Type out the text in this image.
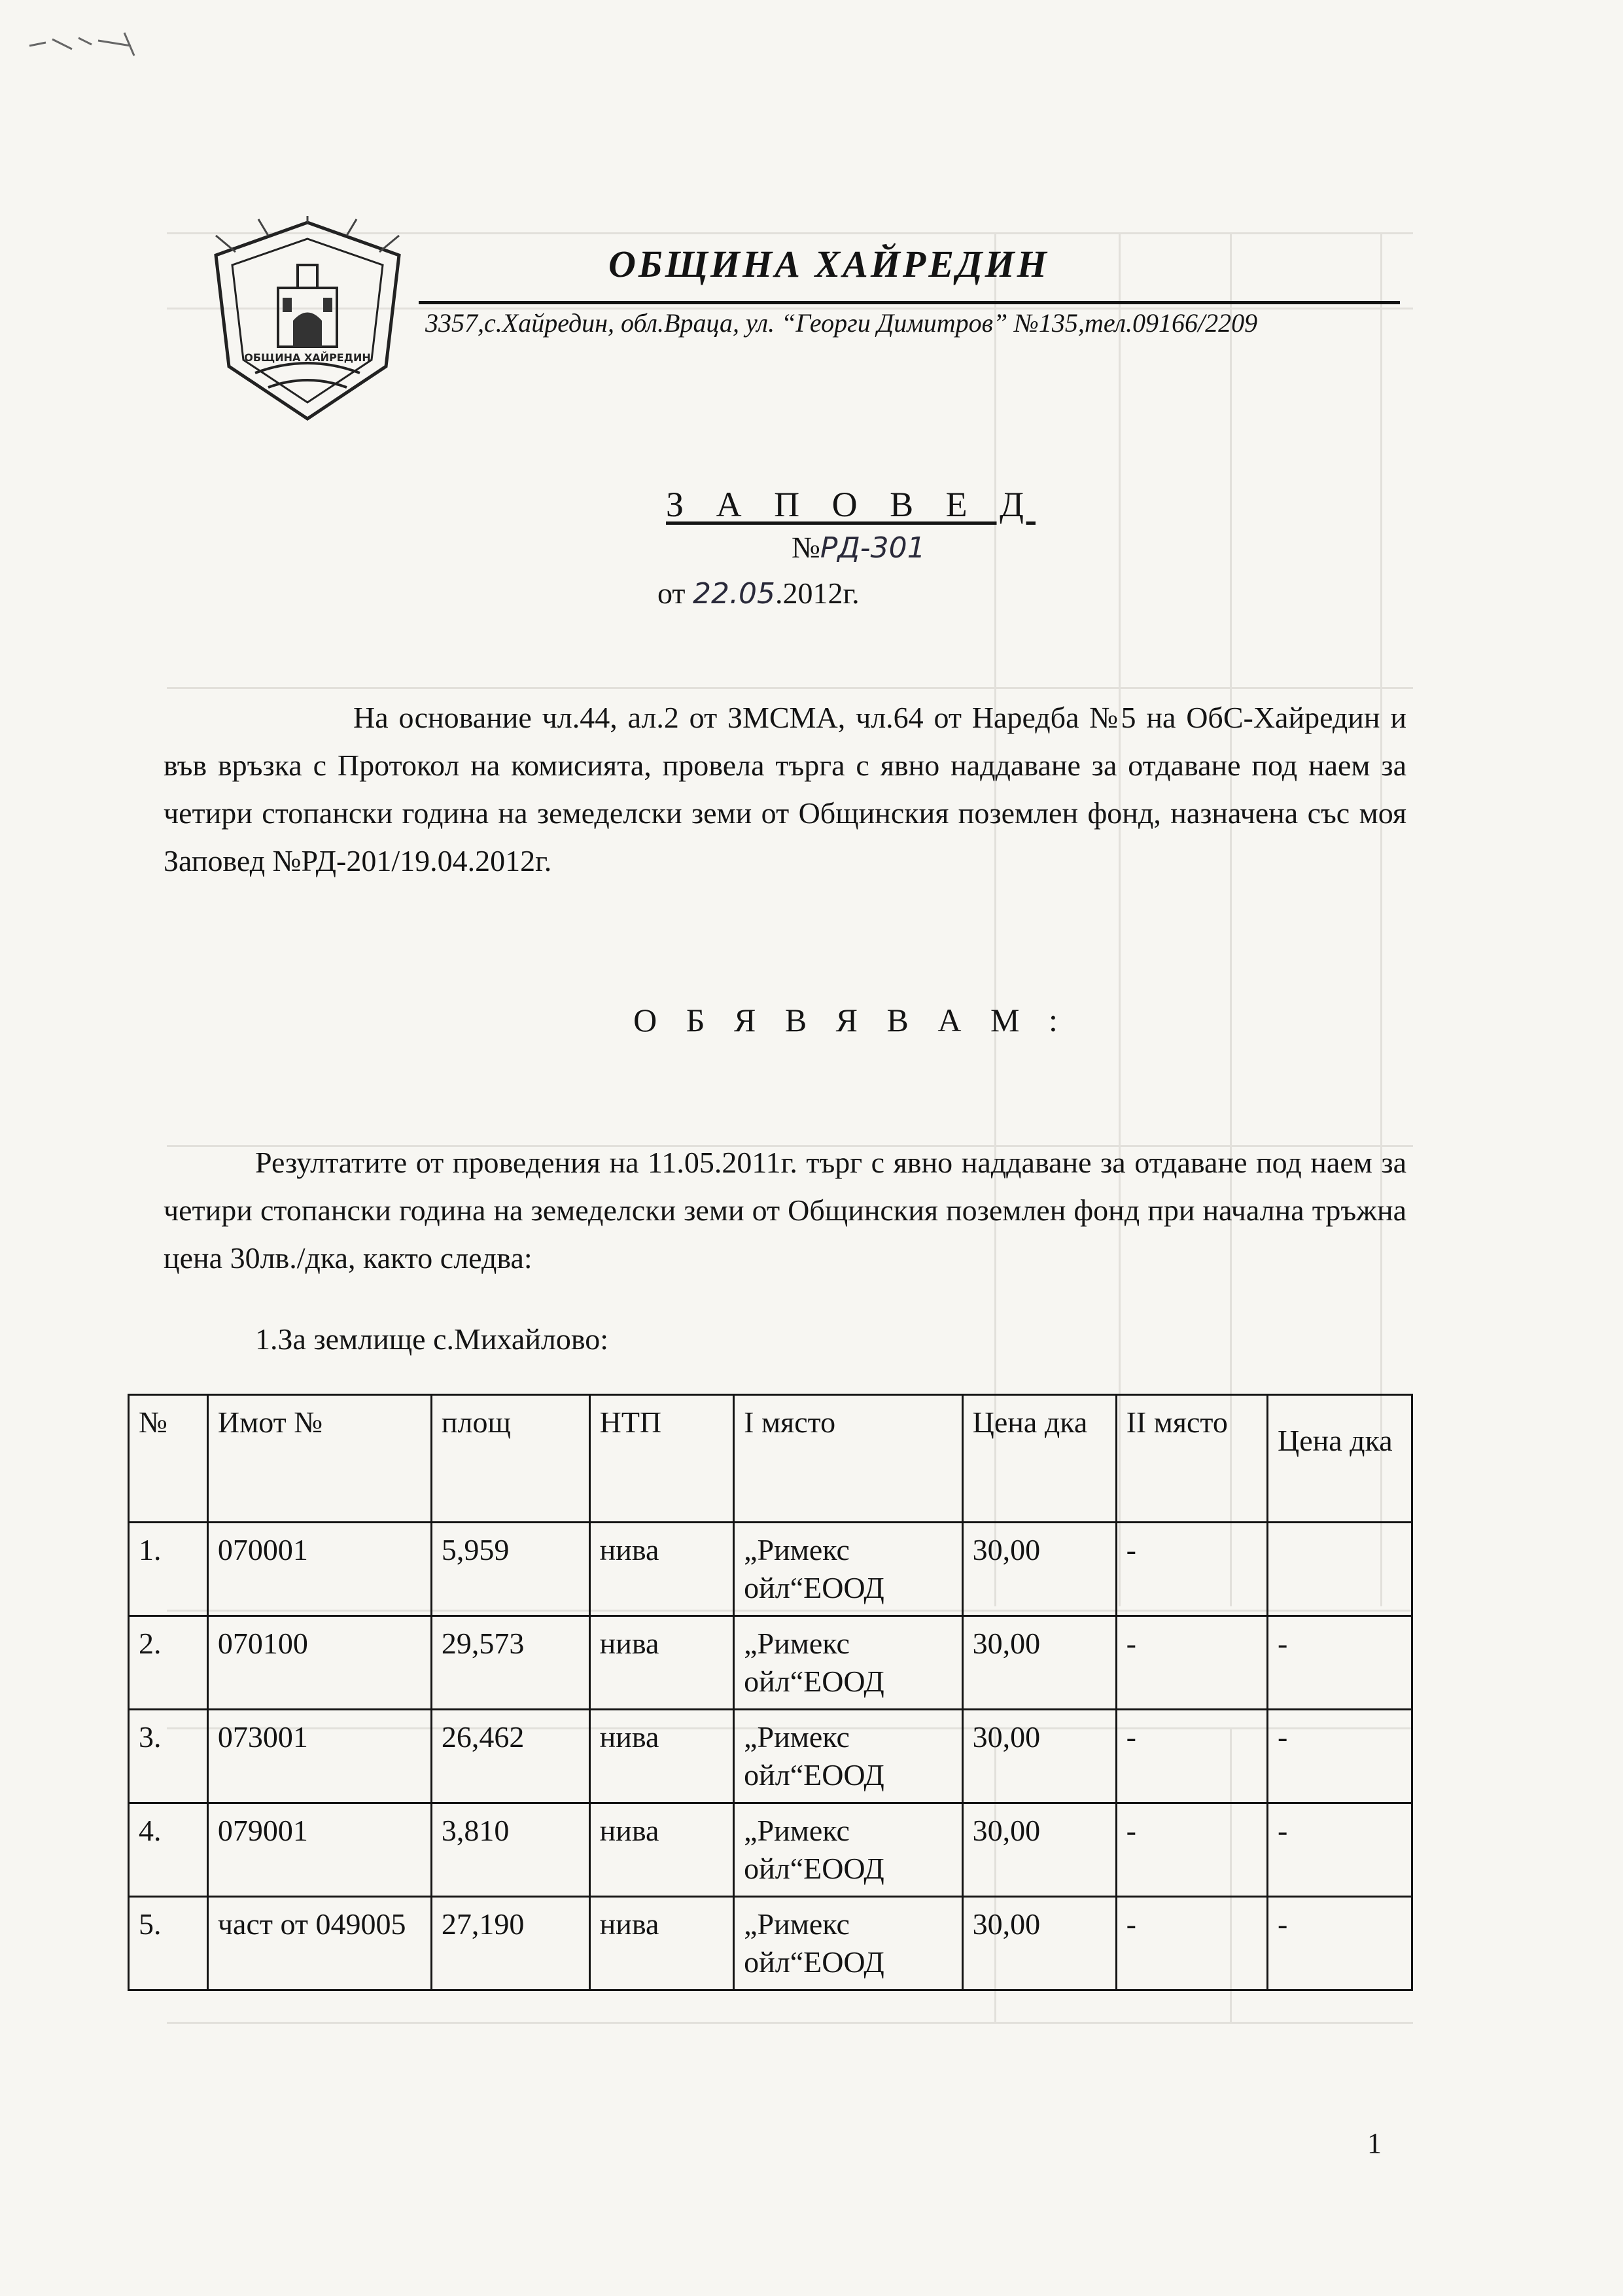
ОБЩИНА ХАЙРЕДИН
ОБЩИНА ХАЙРЕДИН
3357,с.Хайредин, обл.Враца, ул. “Георги Димитров” №135,тел.09166/2209
З А П О В Е Д
№РД-301
от 22.05.2012г.
На основание чл.44, ал.2 от ЗМСМА, чл.64 от Наредба №5 на ОбС-Хайредин и във връзка с Протокол на комисията, провела търга с явно наддаване за отдаване под наем за четири стопански година на земеделски земи от Общинския поземлен фонд, назначена със моя Заповед №РД-201/19.04.2012г.
О Б Я В Я В А М :
Резултатите от проведения на 11.05.2011г. търг с явно наддаване за отдаване под наем за четири стопански година на земеделски земи от Общинския поземлен фонд при начална тръжна цена 30лв./дка, както следва:
1.За землище с.Михайлово:
№	Имот №	площ	НТП	I място	Цена дка	II място	Цена дка
1.	070001	5,959	нива	„Римекс ойл“ЕООД	30,00	-	
2.	070100	29,573	нива	„Римекс ойл“ЕООД	30,00	-	-
3.	073001	26,462	нива	„Римекс ойл“ЕООД	30,00	-	-
4.	079001	3,810	нива	„Римекс ойл“ЕООД	30,00	-	-
5.	част от 049005	27,190	нива	„Римекс ойл“ЕООД	30,00	-	-
1
